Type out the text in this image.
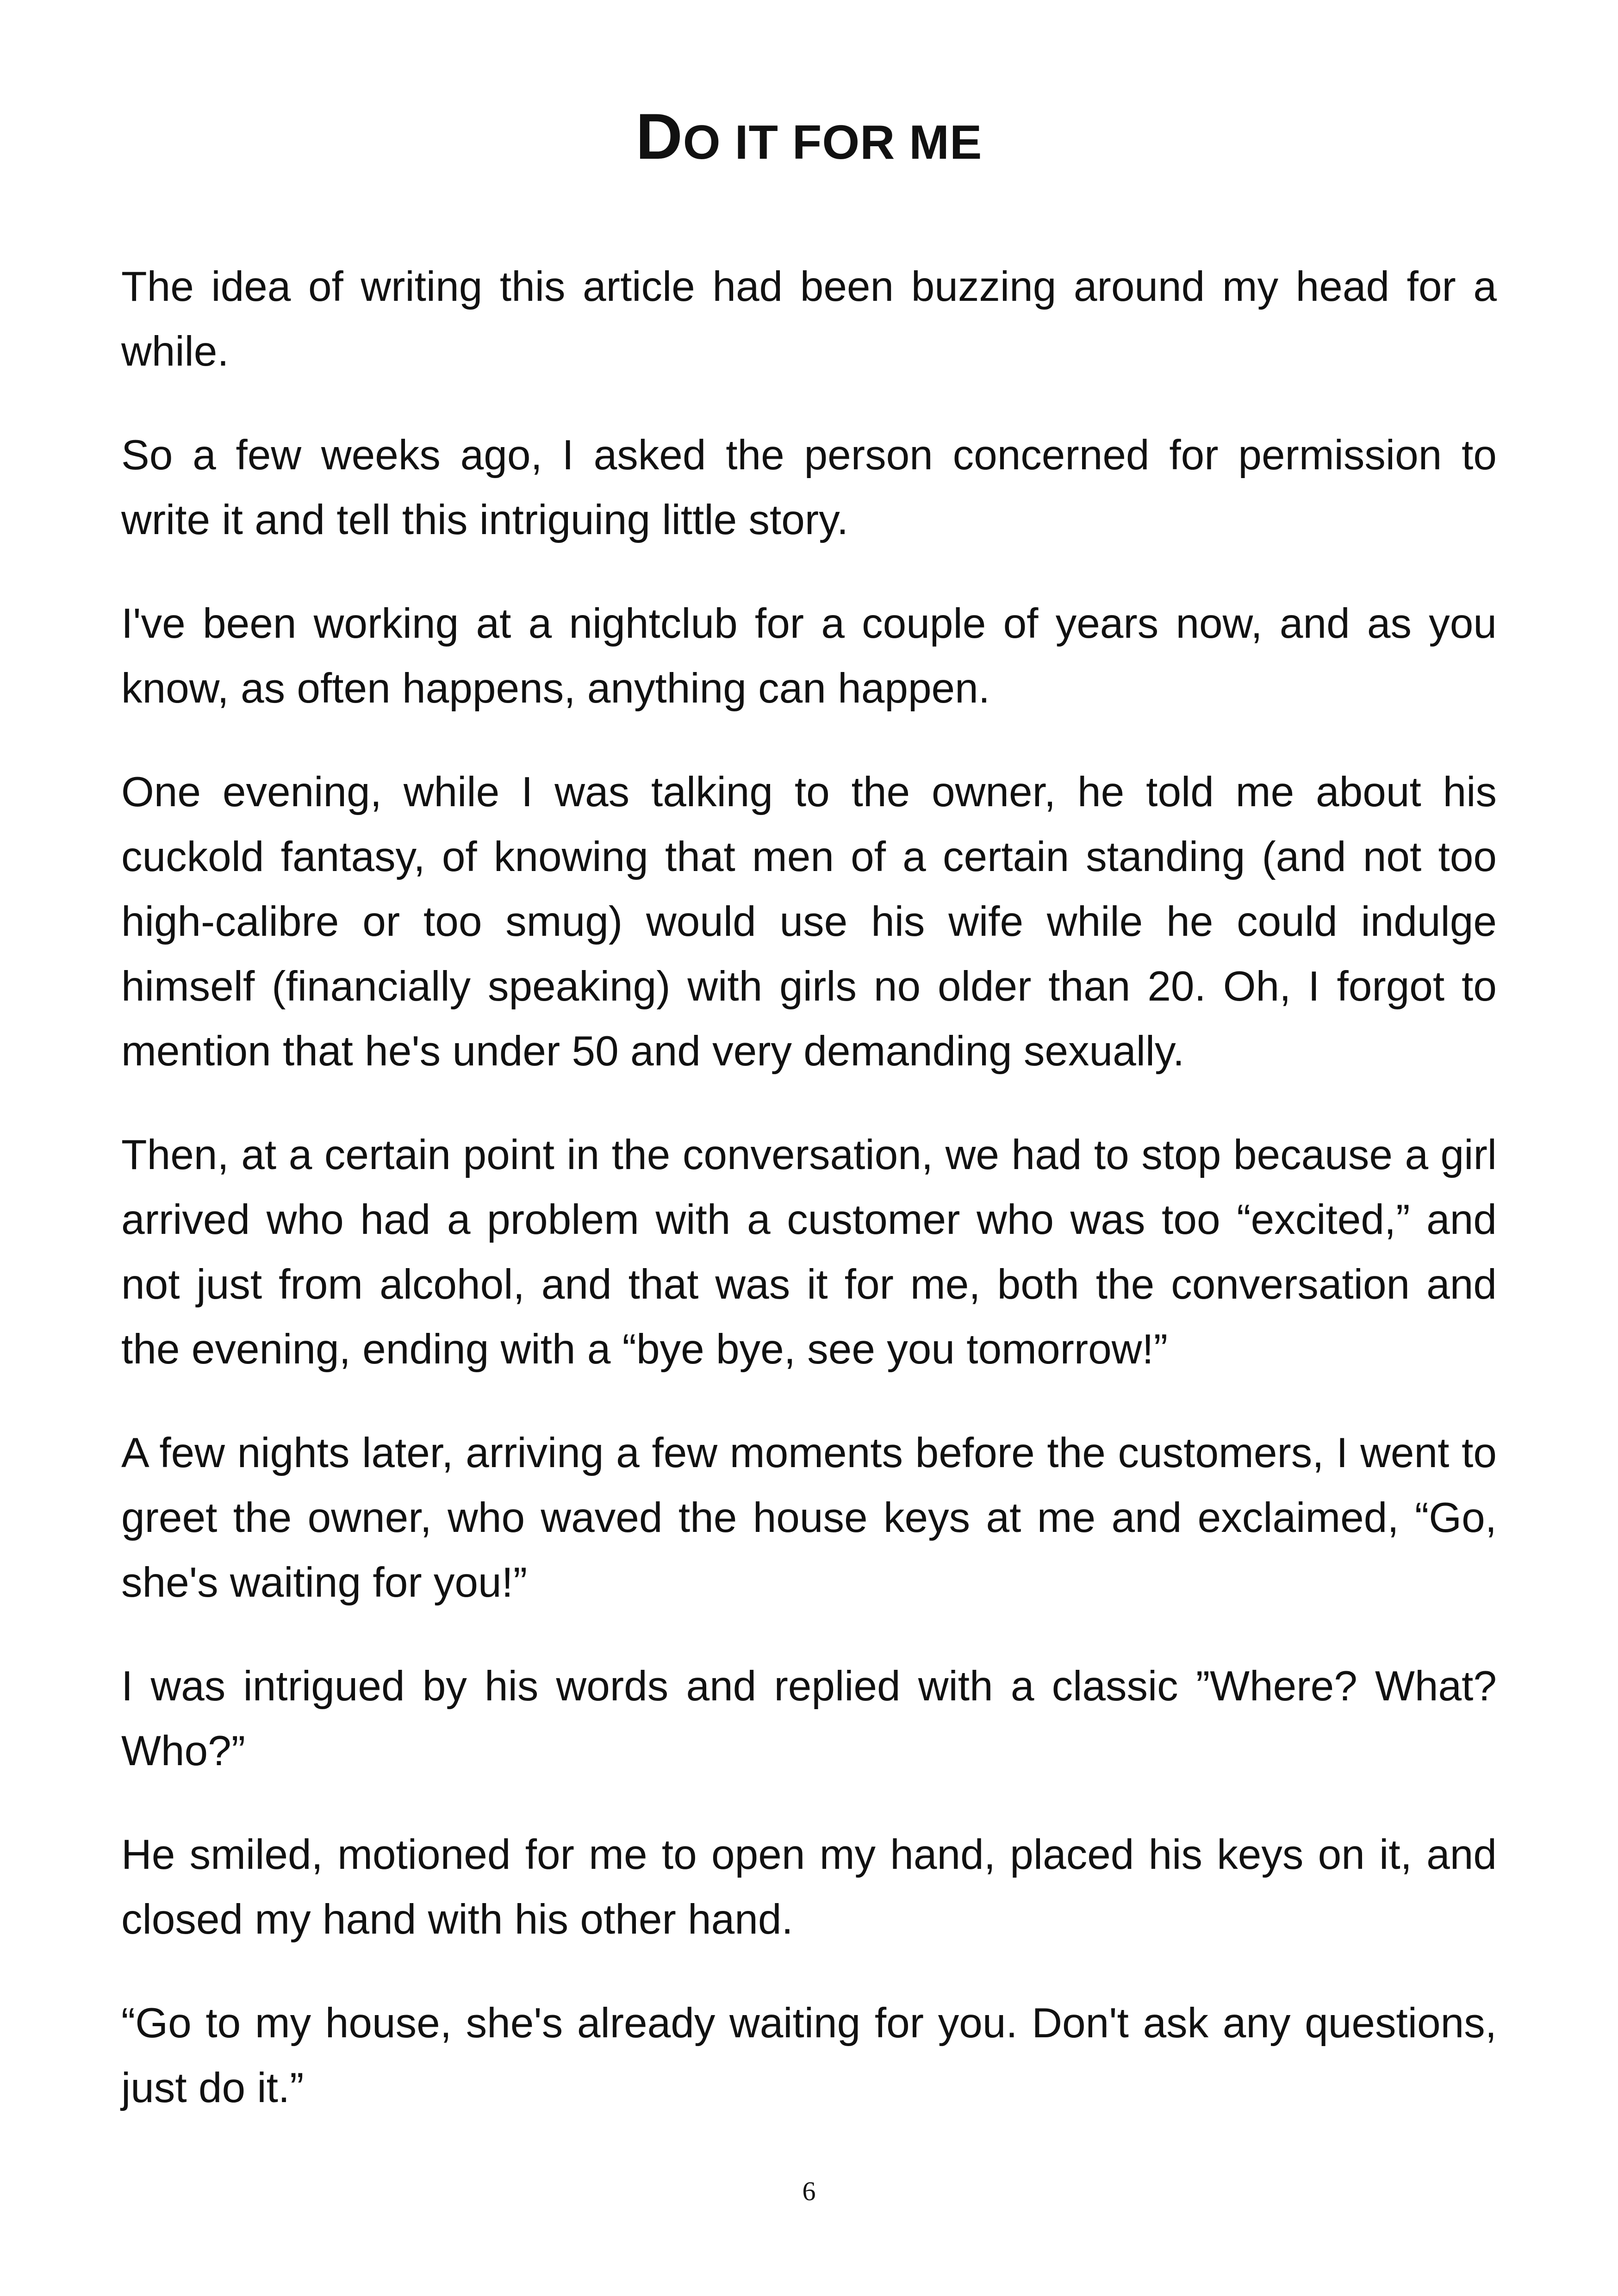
DO IT FOR ME

The idea of writing this article had been buzzing around my head for a while.

So a few weeks ago, I asked the person concerned for permission to write it and tell this intriguing little story.

I've been working at a nightclub for a couple of years now, and as you know, as often happens, anything can happen.

One evening, while I was talking to the owner, he told me about his cuckold fantasy, of knowing that men of a certain standing (and not too high-calibre or too smug) would use his wife while he could indulge himself (financially speaking) with girls no older than 20. Oh, I forgot to mention that he's under 50 and very demanding sexually.

Then, at a certain point in the conversation, we had to stop because a girl arrived who had a problem with a customer who was too “excited,” and not just from alcohol, and that was it for me, both the conversation and the evening, ending with a “bye bye, see you tomorrow!”

A few nights later, arriving a few moments before the customers, I went to greet the owner, who waved the house keys at me and exclaimed, “Go, she's waiting for you!”

I was intrigued by his words and replied with a classic ”Where? What? Who?”

He smiled, motioned for me to open my hand, placed his keys on it, and closed my hand with his other hand.

“Go to my house, she's already waiting for you. Don't ask any questions, just do it.”

6
